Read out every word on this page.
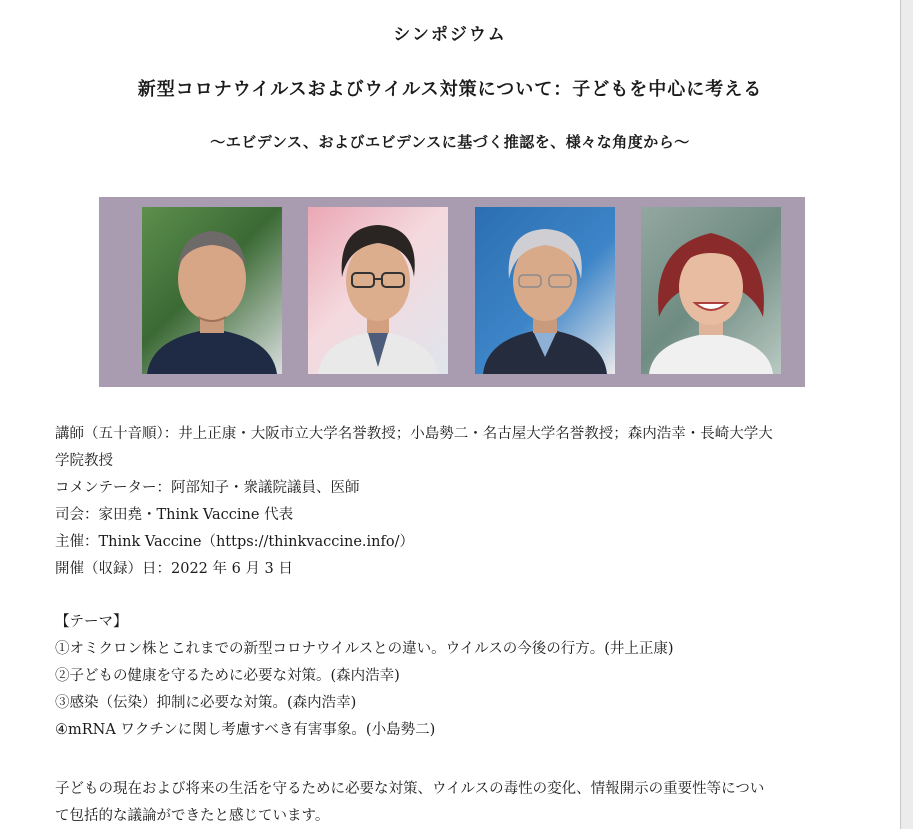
シンポジウム
新型コロナウイルスおよびウイルス対策について：子どもを中心に考える
〜エビデンス、およびエビデンスに基づく推認を、様々な角度から〜
講師（五十音順）：井上正康・大阪市立大学名誉教授；小島勢二・名古屋大学名誉教授；森内浩幸・長崎大学大
学院教授
コメンテーター：阿部知子・衆議院議員、医師
司会：家田堯・Think Vaccine 代表
主催：Think Vaccine（https://thinkvaccine.info/）
開催（収録）日：2022 年 6 月 3 日
【テーマ】
①オミクロン株とこれまでの新型コロナウイルスとの違い。ウイルスの今後の行方。(井上正康)
②子どもの健康を守るために必要な対策。(森内浩幸)
③感染（伝染）抑制に必要な対策。(森内浩幸)
④mRNA ワクチンに関し考慮すべき有害事象。(小島勢二)
子どもの現在および将来の生活を守るために必要な対策、ウイルスの毒性の変化、情報開示の重要性等につい
て包括的な議論ができたと感じています。
